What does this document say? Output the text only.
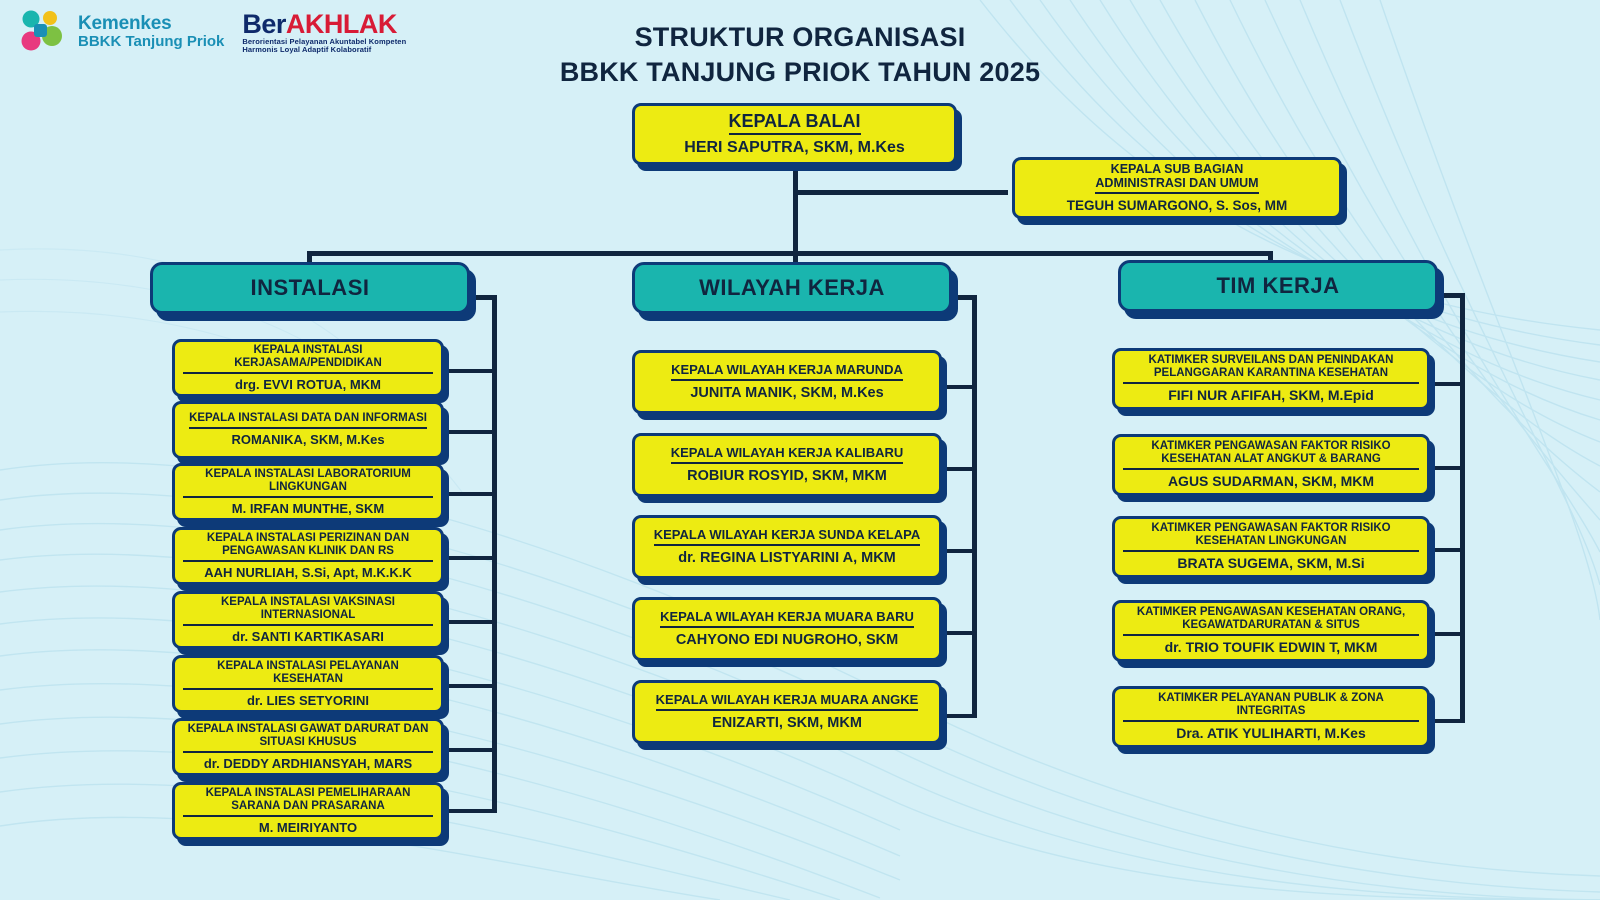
Kemenkes
BBKK Tanjung Priok
BerAKHLAK
Berorientasi Pelayanan Akuntabel Kompeten
Harmonis Loyal Adaptif Kolaboratif	STRUKTUR ORGANISASI
BBKK TANJUNG PRIOK TAHUN 2025
KEPALA BALAI
HERI SAPUTRA, SKM, M.Kes
KEPALA SUB BAGIAN
ADMINISTRASI DAN UMUM
TEGUH SUMARGONO, S. Sos, MM
INSTALASI	WILAYAH KERJA	TIM KERJA
KEPALA INSTALASI KERJASAMA/PENDIDIKAN
drg. EVVI ROTUA, MKM
KEPALA INSTALASI DATA DAN INFORMASI
ROMANIKA, SKM, M.Kes
KEPALA INSTALASI LABORATORIUM LINGKUNGAN
M. IRFAN MUNTHE, SKM
KEPALA INSTALASI PERIZINAN DAN PENGAWASAN KLINIK DAN RS
AAH NURLIAH, S.Si, Apt, M.K.K.K
KEPALA INSTALASI VAKSINASI INTERNASIONAL
dr. SANTI KARTIKASARI
KEPALA INSTALASI PELAYANAN KESEHATAN
dr. LIES SETYORINI
KEPALA INSTALASI GAWAT DARURAT DAN SITUASI KHUSUS
dr. DEDDY ARDHIANSYAH, MARS
KEPALA INSTALASI PEMELIHARAAN SARANA DAN PRASARANA
M. MEIRIYANTO
KEPALA WILAYAH KERJA MARUNDA
JUNITA MANIK, SKM, M.Kes
KEPALA WILAYAH KERJA KALIBARU
ROBIUR ROSYID, SKM, MKM
KEPALA WILAYAH KERJA SUNDA KELAPA
dr. REGINA LISTYARINI A, MKM
KEPALA WILAYAH KERJA MUARA BARU
CAHYONO EDI NUGROHO, SKM
KEPALA WILAYAH KERJA MUARA ANGKE
ENIZARTI, SKM, MKM
KATIMKER SURVEILANS DAN PENINDAKAN PELANGGARAN KARANTINA KESEHATAN
FIFI NUR AFIFAH, SKM, M.Epid
KATIMKER PENGAWASAN FAKTOR RISIKO KESEHATAN ALAT ANGKUT & BARANG
AGUS SUDARMAN, SKM, MKM
KATIMKER PENGAWASAN FAKTOR RISIKO KESEHATAN LINGKUNGAN
BRATA SUGEMA, SKM, M.Si
KATIMKER PENGAWASAN KESEHATAN ORANG, KEGAWATDARURATAN & SITUS
dr. TRIO TOUFIK EDWIN T, MKM
KATIMKER PELAYANAN PUBLIK & ZONA INTEGRITAS
Dra. ATIK YULIHARTI, M.Kes
